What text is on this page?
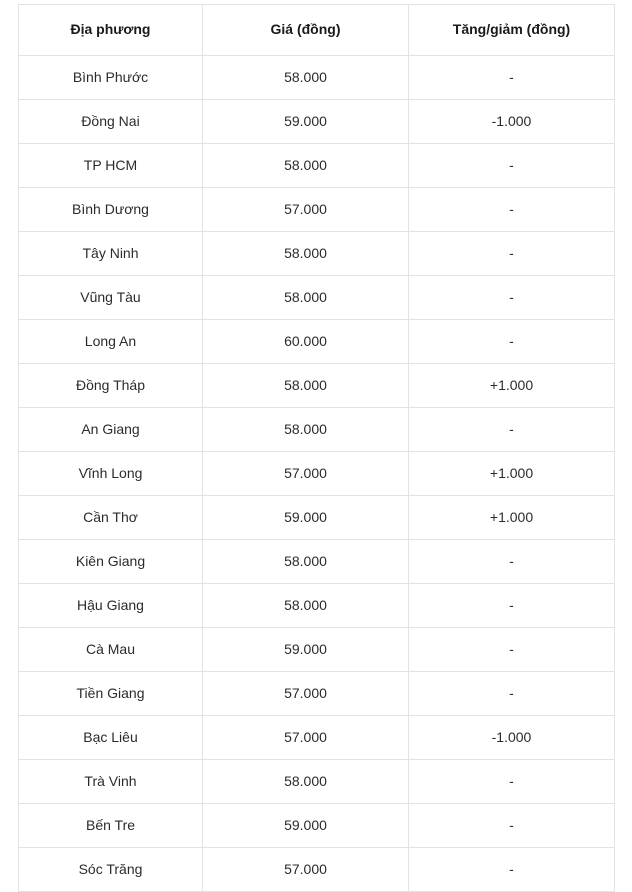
Địa phương	Giá (đồng)	Tăng/giảm (đồng)
Bình Phước	58.000	-
Đồng Nai	59.000	-1.000
TP HCM	58.000	-
Bình Dương	57.000	-
Tây Ninh	58.000	-
Vũng Tàu	58.000	-
Long An	60.000	-
Đồng Tháp	58.000	+1.000
An Giang	58.000	-
Vĩnh Long	57.000	+1.000
Cần Thơ	59.000	+1.000
Kiên Giang	58.000	-
Hậu Giang	58.000	-
Cà Mau	59.000	-
Tiền Giang	57.000	-
Bạc Liêu	57.000	-1.000
Trà Vinh	58.000	-
Bến Tre	59.000	-
Sóc Trăng	57.000	-
